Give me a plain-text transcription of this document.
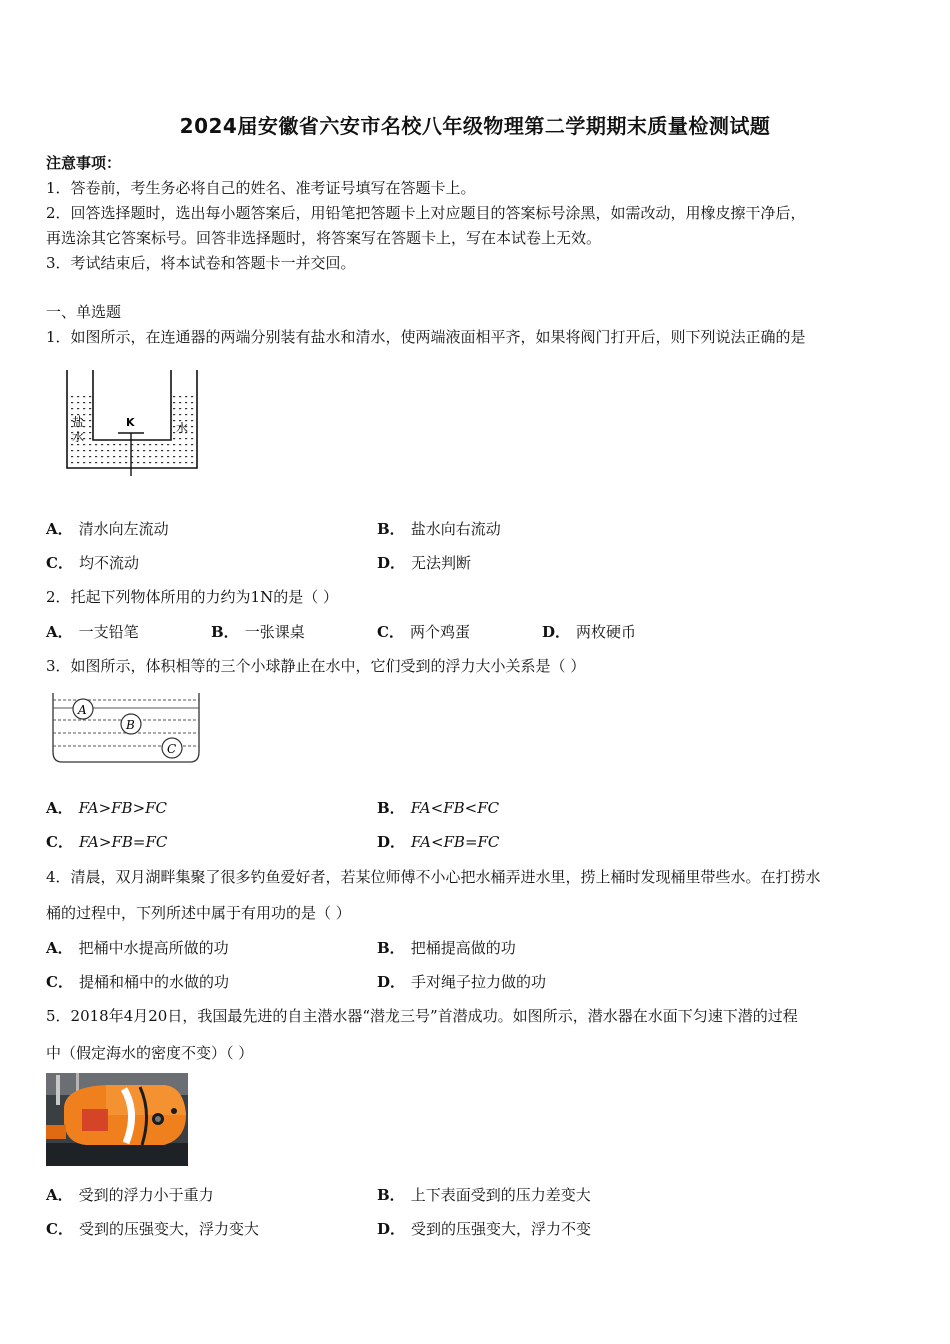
2024届安徽省六安市名校八年级物理第二学期期末质量检测试题
注意事项：
1．答卷前，考生务必将自己的姓名、准考证号填写在答题卡上。
2．回答选择题时，选出每小题答案后，用铅笔把答题卡上对应题目的答案标号涂黑，如需改动，用橡皮擦干净后，
再选涂其它答案标号。回答非选择题时，将答案写在答题卡上，写在本试卷上无效。
3．考试结束后，将本试卷和答题卡一并交回。
一、单选题
1．如图所示，在连通器的两端分别装有盐水和清水，使两端液面相平齐，如果将阀门打开后，则下列说法正确的是
K
盐
水
水
A． 清水向左流动	B． 盐水向右流动
C． 均不流动	D． 无法判断
2．托起下列物体所用的力约为1N的是（ ）
A． 一支铅笔	B． 一张课桌	C． 两个鸡蛋	D． 两枚硬币
3．如图所示，体积相等的三个小球静止在水中，它们受到的浮力大小关系是（ ）
A
B
C
A． FA>FB>FC	B． FA<FB<FC
C． FA>FB=FC	D． FA<FB=FC
4．清晨，双月湖畔集聚了很多钓鱼爱好者，若某位师傅不小心把水桶弄进水里，捞上桶时发现桶里带些水。在打捞水
桶的过程中，下列所述中属于有用功的是（ ）
A． 把桶中水提高所做的功	B． 把桶提高做的功
C． 提桶和桶中的水做的功	D． 手对绳子拉力做的功
5．2018年4月20日，我国最先进的自主潜水器“潜龙三号”首潜成功。如图所示，潜水器在水面下匀速下潜的过程
中（假定海水的密度不变）（ ）
A． 受到的浮力小于重力	B． 上下表面受到的压力差变大
C． 受到的压强变大，浮力变大	D． 受到的压强变大，浮力不变
